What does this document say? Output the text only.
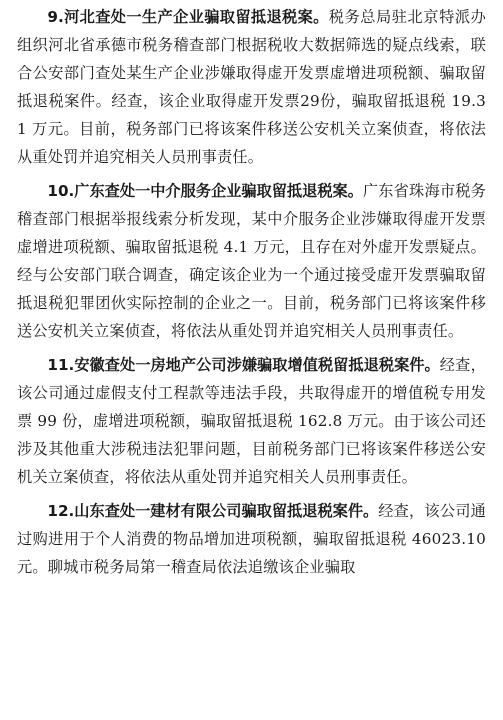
9.河北查处一生产企业骗取留抵退税案。税务总局驻北京特派办组织河北省承德市税务稽查部门根据税收大数据筛选的疑点线索，联合公安部门查处某生产企业涉嫌取得虚开发票虚增进项税额、骗取留抵退税案件。经查，该企业取得虚开发票29份，骗取留抵退税 19.31 万元。目前，税务部门已将该案件移送公安机关立案侦查，将依法从重处罚并追究相关人员刑事责任。

10.广东查处一中介服务企业骗取留抵退税案。广东省珠海市税务稽查部门根据举报线索分析发现，某中介服务企业涉嫌取得虚开发票虚增进项税额、骗取留抵退税 4.1 万元，且存在对外虚开发票疑点。经与公安部门联合调查，确定该企业为一个通过接受虚开发票骗取留抵退税犯罪团伙实际控制的企业之一。目前，税务部门已将该案件移送公安机关立案侦查，将依法从重处罚并追究相关人员刑事责任。

11.安徽查处一房地产公司涉嫌骗取增值税留抵退税案件。经查，该公司通过虚假支付工程款等违法手段，共取得虚开的增值税专用发票 99 份，虚增进项税额，骗取留抵退税 162.8 万元。由于该公司还涉及其他重大涉税违法犯罪问题，目前税务部门已将该案件移送公安机关立案侦查，将依法从重处罚并追究相关人员刑事责任。

12.山东查处一建材有限公司骗取留抵退税案件。经查，该公司通过购进用于个人消费的物品增加进项税额，骗取留抵退税 46023.10 元。聊城市税务局第一稽查局依法追缴该企业骗取
